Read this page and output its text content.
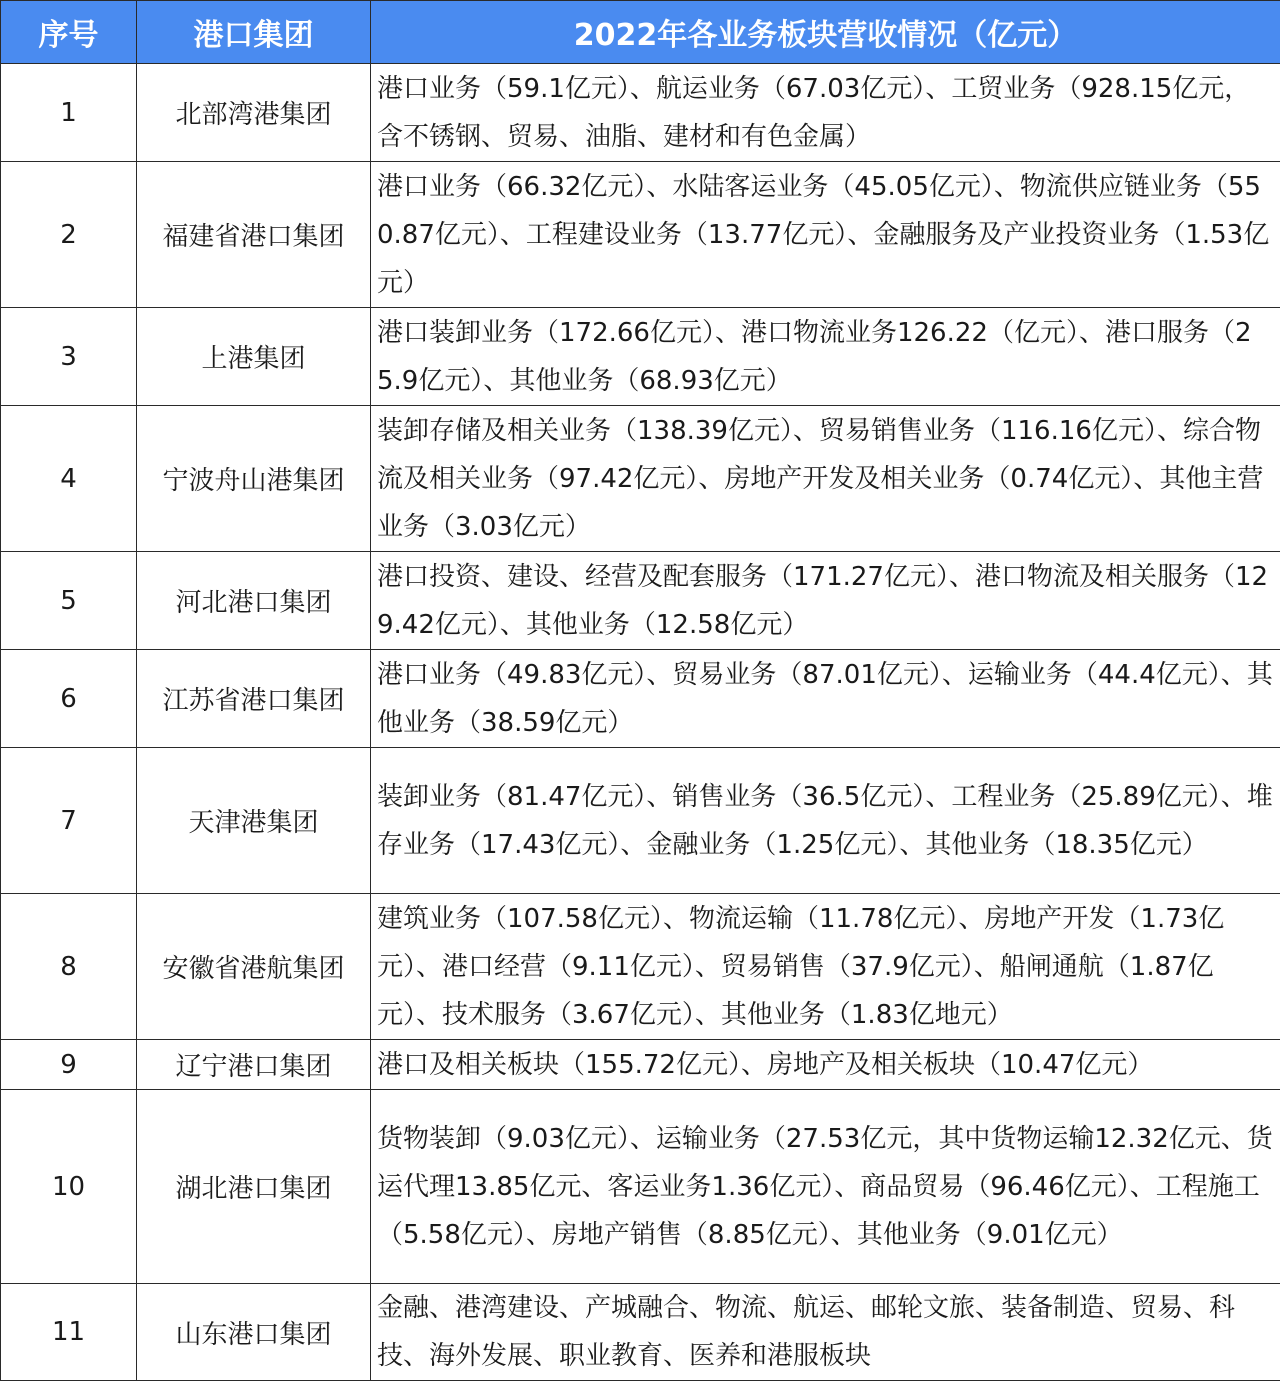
序号	港口集团	2022年各业务板块营收情况（亿元）
1	北部湾港集团	港口业务（59.1亿元）、航运业务（67.03亿元）、工贸业务（928.15亿元，含不锈钢、贸易、油脂、建材和有色金属）
2	福建省港口集团	港口业务（66.32亿元）、水陆客运业务（45.05亿元）、物流供应链业务（550.87亿元）、工程建设业务（13.77亿元）、金融服务及产业投资业务（1.53亿元）
3	上港集团	港口装卸业务（172.66亿元）、港口物流业务126.22（亿元）、港口服务（25.9亿元）、其他业务（68.93亿元）
4	宁波舟山港集团	装卸存储及相关业务（138.39亿元）、贸易销售业务（116.16亿元）、综合物流及相关业务（97.42亿元）、房地产开发及相关业务（0.74亿元）、其他主营业务（3.03亿元）
5	河北港口集团	港口投资、建设、经营及配套服务（171.27亿元）、港口物流及相关服务（129.42亿元）、其他业务（12.58亿元）
6	江苏省港口集团	港口业务（49.83亿元）、贸易业务（87.01亿元）、运输业务（44.4亿元）、其他业务（38.59亿元）
7	天津港集团	装卸业务（81.47亿元）、销售业务（36.5亿元）、工程业务（25.89亿元）、堆存业务（17.43亿元）、金融业务（1.25亿元）、其他业务（18.35亿元）
8	安徽省港航集团	建筑业务（107.58亿元）、物流运输（11.78亿元）、房地产开发（1.73亿元）、港口经营（9.11亿元）、贸易销售（37.9亿元）、船闸通航（1.87亿元）、技术服务（3.67亿元）、其他业务（1.83亿地元）
9	辽宁港口集团	港口及相关板块（155.72亿元）、房地产及相关板块（10.47亿元）
10	湖北港口集团	货物装卸（9.03亿元）、运输业务（27.53亿元，其中货物运输12.32亿元、货运代理13.85亿元、客运业务1.36亿元）、商品贸易（96.46亿元）、工程施工（5.58亿元）、房地产销售（8.85亿元）、其他业务（9.01亿元）
11	山东港口集团	金融、港湾建设、产城融合、物流、航运、邮轮文旅、装备制造、贸易、科技、海外发展、职业教育、医养和港服板块
